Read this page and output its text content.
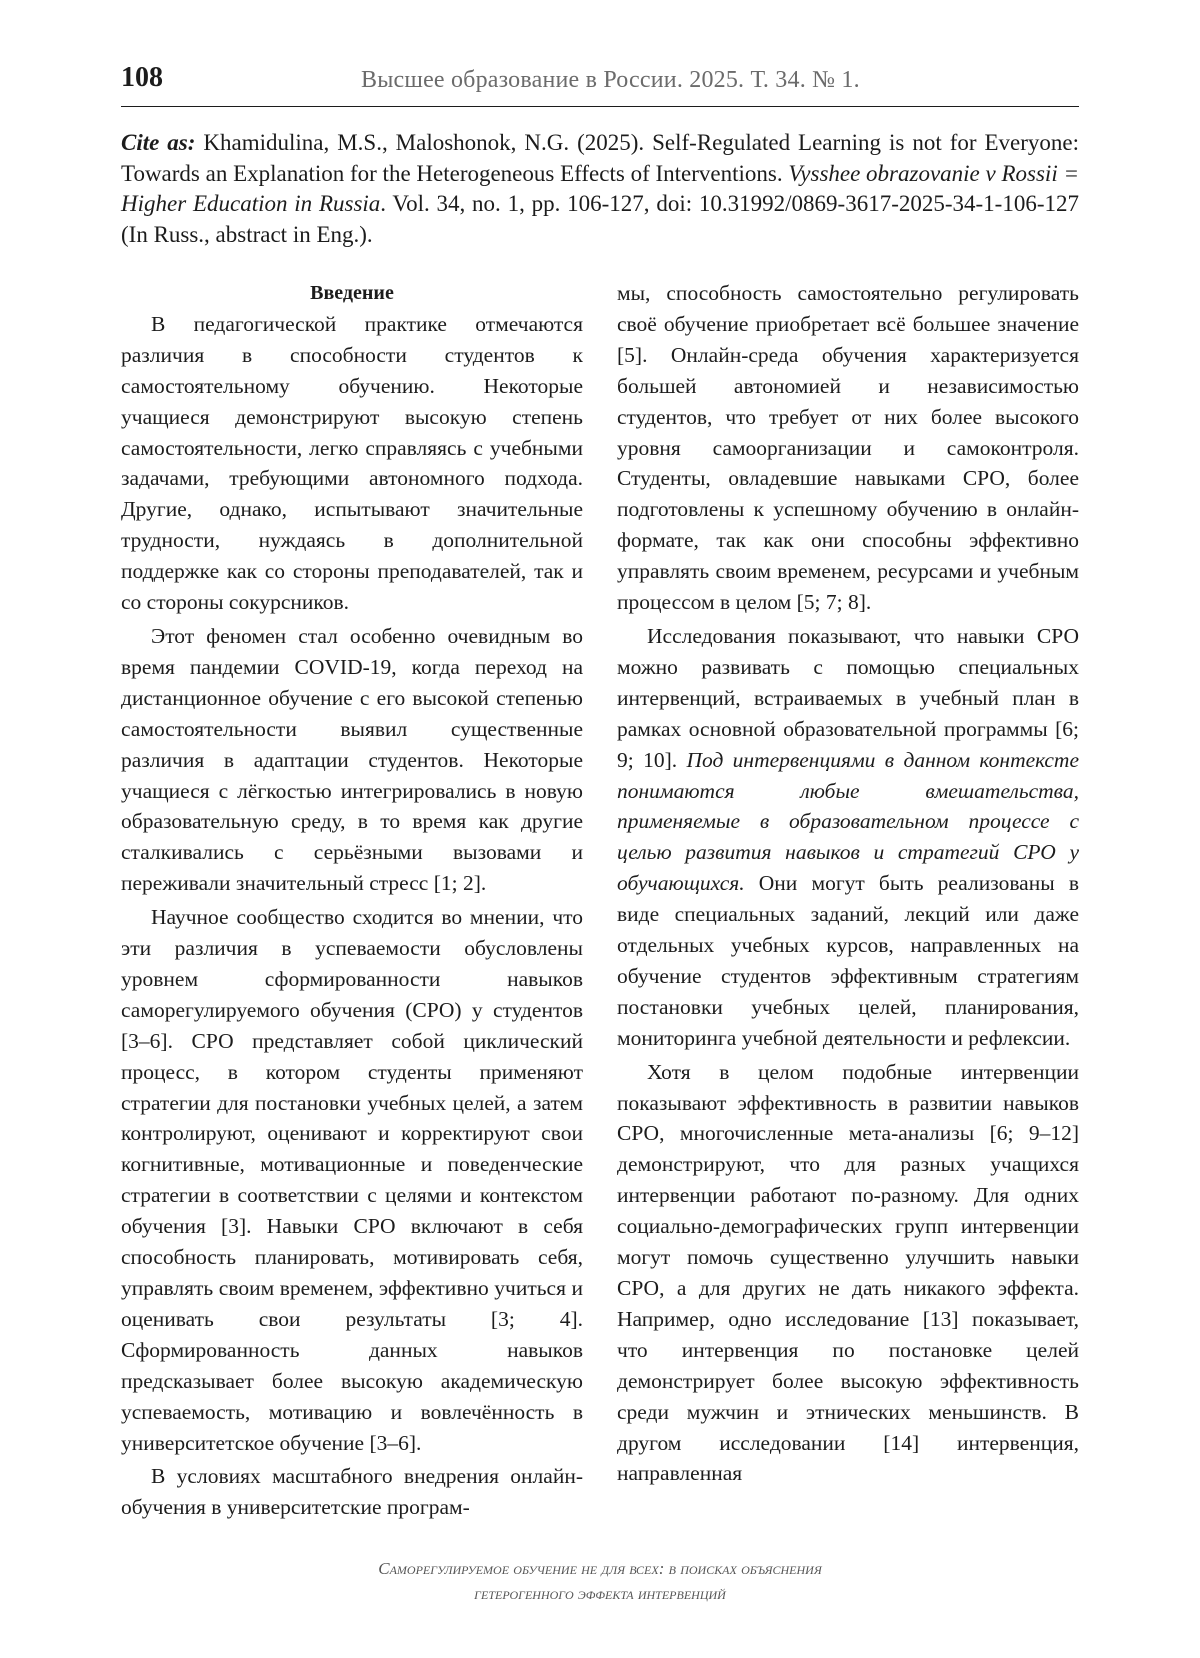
108	Высшее образование в России. 2025. Т. 34. № 1.

Cite as: Khamidulina, M.S., Maloshonok, N.G. (2025). Self-Regulated Learning is not for Everyone: Towards an Explanation for the Heterogeneous Effects of Interventions. Vysshee obrazovanie v Rossii = Higher Education in Russia. Vol. 34, no. 1, pp. 106-127, doi: 10.31992/0869-3617-2025-34-1-106-127 (In Russ., abstract in Eng.).

Введение

В педагогической практике отмечаются различия в способности студентов к самостоятельному обучению. Некоторые учащиеся демонстрируют высокую степень самостоятельности, легко справляясь с учебными задачами, требующими автономного подхода. Другие, однако, испытывают значительные трудности, нуждаясь в дополнительной поддержке как со стороны преподавателей, так и со стороны сокурсников.

Этот феномен стал особенно очевидным во время пандемии COVID-19, когда переход на дистанционное обучение с его высокой степенью самостоятельности выявил существенные различия в адаптации студентов. Некоторые учащиеся с лёгкостью интегрировались в новую образовательную среду, в то время как другие сталкивались с серьёзными вызовами и переживали значительный стресс [1; 2].

Научное сообщество сходится во мнении, что эти различия в успеваемости обусловлены уровнем сформированности навыков саморегулируемого обучения (СРО) у студентов [3–6]. СРО представляет собой циклический процесс, в котором студенты применяют стратегии для постановки учебных целей, а затем контролируют, оценивают и корректируют свои когнитивные, мотивационные и поведенческие стратегии в соответствии с целями и контекстом обучения [3]. Навыки СРО включают в себя способность планировать, мотивировать себя, управлять своим временем, эффективно учиться и оценивать свои результаты [3; 4]. Сформированность данных навыков предсказывает более высокую академическую успеваемость, мотивацию и вовлечённость в университетское обучение [3–6].

В условиях масштабного внедрения онлайн-обучения в университетские програм-

мы, способность самостоятельно регулировать своё обучение приобретает всё большее значение [5]. Онлайн-среда обучения характеризуется большей автономией и независимостью студентов, что требует от них более высокого уровня самоорганизации и самоконтроля. Студенты, овладевшие навыками СРО, более подготовлены к успешному обучению в онлайн-формате, так как они способны эффективно управлять своим временем, ресурсами и учебным процессом в целом [5; 7; 8].

Исследования показывают, что навыки СРО можно развивать с помощью специальных интервенций, встраиваемых в учебный план в рамках основной образовательной программы [6; 9; 10]. Под интервенциями в данном контексте понимаются любые вмешательства, применяемые в образовательном процессе с целью развития навыков и стратегий СРО у обучающихся. Они могут быть реализованы в виде специальных заданий, лекций или даже отдельных учебных курсов, направленных на обучение студентов эффективным стратегиям постановки учебных целей, планирования, мониторинга учебной деятельности и рефлексии.

Хотя в целом подобные интервенции показывают эффективность в развитии навыков СРО, многочисленные мета-анализы [6; 9–12] демонстрируют, что для разных учащихся интервенции работают по-разному. Для одних социально-демографических групп интервенции могут помочь существенно улучшить навыки СРО, а для других не дать никакого эффекта. Например, одно исследование [13] показывает, что интервенция по постановке целей демонстрирует более высокую эффективность среди мужчин и этнических меньшинств. В другом исследовании [14] интервенция, направленная

Саморегулируемое обучение не для всех: в поисках объяснения
гетерогенного эффекта интервенций
